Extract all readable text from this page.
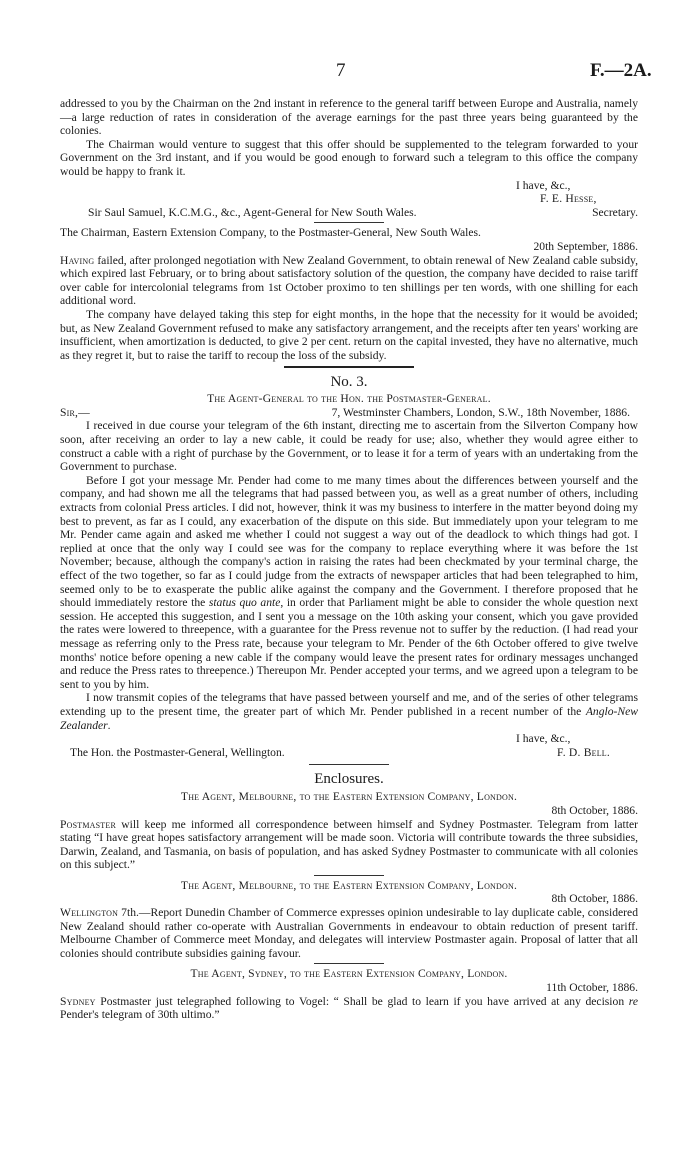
7	F.—2A.

addressed to you by the Chairman on the 2nd instant in reference to the general tariff between Europe and Australia, namely—a large reduction of rates in consideration of the average earnings for the past three years being guaranteed by the colonies.

The Chairman would venture to suggest that this offer should be supplemented to the telegram forwarded to your Government on the 3rd instant, and if you would be good enough to forward such a telegram to this office the company would be happy to frank it.

I have, &c.,
F. E. Hesse,
Sir Saul Samuel, K.C.M.G., &c., Agent-General for New South Wales.	Secretary.
The Chairman, Eastern Extension Company, to the Postmaster-General, New South Wales.
20th September, 1886.

Having failed, after prolonged negotiation with New Zealand Government, to obtain renewal of New Zealand cable subsidy, which expired last February, or to bring about satisfactory solution of the question, the company have decided to raise tariff over cable for intercolonial telegrams from 1st October proximo to ten shillings per ten words, with one shilling for each additional word.

The company have delayed taking this step for eight months, in the hope that the necessity for it would be avoided; but, as New Zealand Government refused to make any satisfactory arrangement, and the receipts after ten years' working are insufficient, when amortization is deducted, to give 2 per cent. return on the capital invested, they have no alternative, much as they regret it, but to raise the tariff to recoup the loss of the subsidy.

No. 3.
The Agent-General to the Hon. the Postmaster-General.
Sir,—	7, Westminster Chambers, London, S.W., 18th November, 1886.

I received in due course your telegram of the 6th instant, directing me to ascertain from the Silverton Company how soon, after receiving an order to lay a new cable, it could be ready for use; also, whether they would agree either to construct a cable with a right of purchase by the Government, or to lease it for a term of years with an undertaking from the Government to purchase.

Before I got your message Mr. Pender had come to me many times about the differences between yourself and the company, and had shown me all the telegrams that had passed between you, as well as a great number of others, including extracts from colonial Press articles. I did not, however, think it was my business to interfere in the matter beyond doing my best to prevent, as far as I could, any exacerbation of the dispute on this side. But immediately upon your telegram to me Mr. Pender came again and asked me whether I could not suggest a way out of the deadlock to which things had got. I replied at once that the only way I could see was for the company to replace everything where it was before the 1st November; because, although the company's action in raising the rates had been checkmated by your terminal charge, the effect of the two together, so far as I could judge from the extracts of newspaper articles that had been telegraphed to him, seemed only to be to exasperate the public alike against the company and the Government. I therefore proposed that he should immediately restore the status quo ante, in order that Parliament might be able to consider the whole question next session. He accepted this suggestion, and I sent you a message on the 10th asking your consent, which you gave provided the rates were lowered to threepence, with a guarantee for the Press revenue not to suffer by the reduction. (I had read your message as referring only to the Press rate, because your telegram to Mr. Pender of the 6th October offered to give twelve months' notice before opening a new cable if the company would leave the present rates for ordinary messages unchanged and reduce the Press rates to threepence.) Thereupon Mr. Pender accepted your terms, and we agreed upon a telegram to be sent to you by him.

I now transmit copies of the telegrams that have passed between yourself and me, and of the series of other telegrams extending up to the present time, the greater part of which Mr. Pender published in a recent number of the Anglo-New Zealander.

I have, &c.,
The Hon. the Postmaster-General, Wellington.	F. D. Bell.
Enclosures.
The Agent, Melbourne, to the Eastern Extension Company, London.
8th October, 1886.

Postmaster will keep me informed all correspondence between himself and Sydney Postmaster. Telegram from latter stating “I have great hopes satisfactory arrangement will be made soon. Victoria will contribute towards the three subsidies, Darwin, Zealand, and Tasmania, on basis of population, and has asked Sydney Postmaster to communicate with all colonies on this subject.”

The Agent, Melbourne, to the Eastern Extension Company, London.
8th October, 1886.

Wellington 7th.—Report Dunedin Chamber of Commerce expresses opinion undesirable to lay duplicate cable, considered New Zealand should rather co-operate with Australian Governments in endeavour to obtain reduction of present tariff. Melbourne Chamber of Commerce meet Monday, and delegates will interview Postmaster again. Proposal of latter that all colonies should contribute subsidies gaining favour.

The Agent, Sydney, to the Eastern Extension Company, London.
11th October, 1886.

Sydney Postmaster just telegraphed following to Vogel: “ Shall be glad to learn if you have arrived at any decision re Pender's telegram of 30th ultimo.”
